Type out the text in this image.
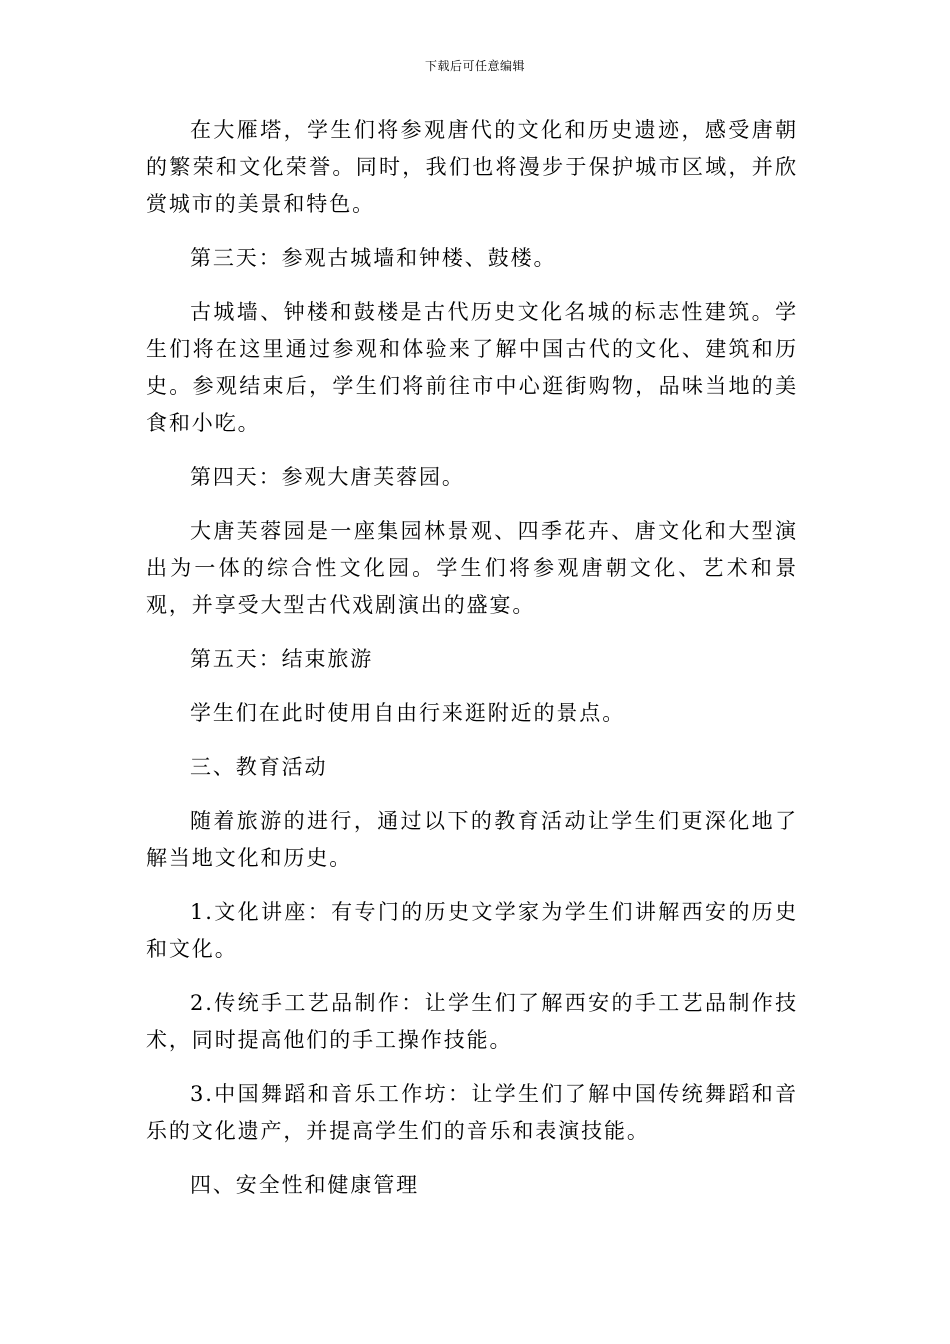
下载后可任意编辑

在大雁塔，学生们将参观唐代的文化和历史遗迹，感受唐朝的繁荣和文化荣誉。同时，我们也将漫步于保护城市区域，并欣赏城市的美景和特色。

第三天：参观古城墙和钟楼、鼓楼。

古城墙、钟楼和鼓楼是古代历史文化名城的标志性建筑。学生们将在这里通过参观和体验来了解中国古代的文化、建筑和历史。参观结束后，学生们将前往市中心逛街购物，品味当地的美食和小吃。

第四天：参观大唐芙蓉园。

大唐芙蓉园是一座集园林景观、四季花卉、唐文化和大型演出为一体的综合性文化园。学生们将参观唐朝文化、艺术和景观，并享受大型古代戏剧演出的盛宴。

第五天：结束旅游

学生们在此时使用自由行来逛附近的景点。

三、教育活动

随着旅游的进行，通过以下的教育活动让学生们更深化地了解当地文化和历史。

1.文化讲座：有专门的历史文学家为学生们讲解西安的历史和文化。

2.传统手工艺品制作：让学生们了解西安的手工艺品制作技术，同时提高他们的手工操作技能。

3.中国舞蹈和音乐工作坊：让学生们了解中国传统舞蹈和音乐的文化遗产，并提高学生们的音乐和表演技能。

四、安全性和健康管理
